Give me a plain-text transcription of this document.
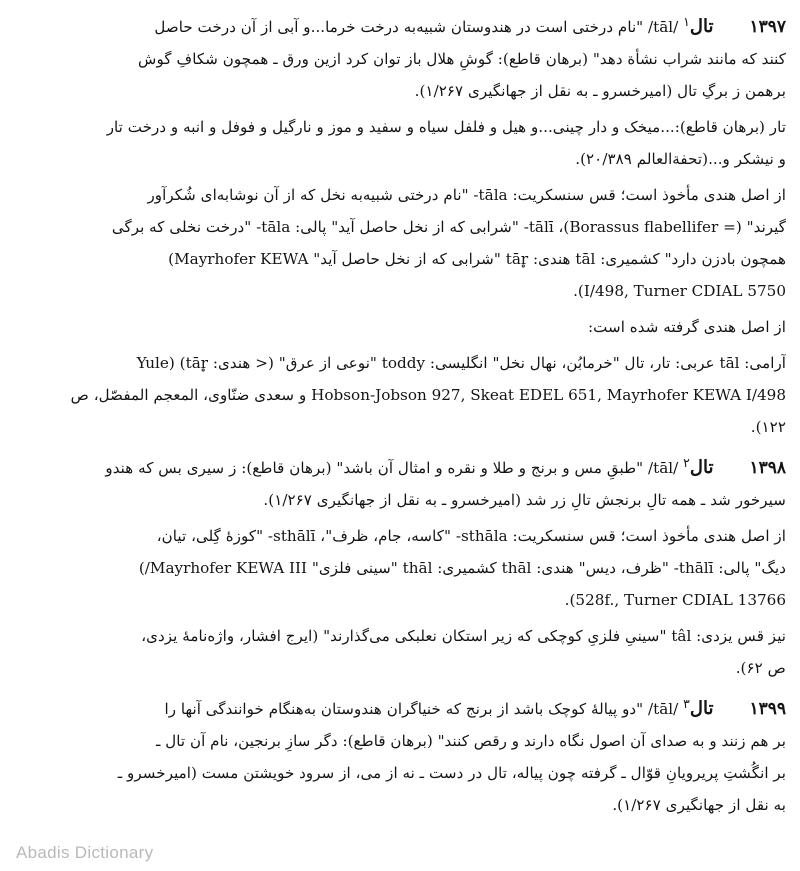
۱۳۹۷تال$^۱$ /tāl/ "نام درختی است در هندوستان شبیه‌به درخت خرما...و آبی از آن درخت حاصل
کنند که مانند شراب نشأة دهد" (برهان قاطع): گوشِ هلال باز توان کرد ازین ورق ـ همچون شکافِ گوش
برهمن ز برگِ تال (امیرخسرو ـ به نقل از جهانگیری ۱/۲۶۷).
تار (برهان قاطع):...میخک و دار چینی...و هیل و فلفل سیاه و سفید و موز و نارگیل و فوفل و انبه و درخت تار
و نیشکر و...(تحفة‌العالم ۲۰/۳۸۹).
از اصل هندی مأخوذ است؛ قس سنسکریت: tāla- "نام درختی شبیه‌به نخل که از آن نوشابه‌ای شُکرآور
گیرند" (= Borassus flabellifer)، tālī- "شرابی که از نخل حاصل آید" پالی: tāla- "درخت نخلی که برگی
همچون بادزن دارد" کشمیری: tāl هندی: tār̥ "شرابی که از نخل حاصل آید" Mayrhofer KEWA)
I/498, Turner CDIAL 5750).
از اصل هندی گرفته شده است:
آرامی: tāl عربی: تار، تال "خرمابُن، نهال نخل" انگلیسی: toddy "نوعی از عرق" (< هندی: tār̥) (Yule
Hobson-Jobson 927, Skeat EDEL 651, Mayrhofer KEWA I/498 و سعدی ضنّاوی، المعجم المفصّل، ص
۱۲۲).
۱۳۹۸تال$^۲$ /tāl/ "طبقِ مس و برنج و طلا و نقره و امثال آن باشد" (برهان قاطع): ز سیری بس که هندو
سیرخور شد ـ همه تالِ برنجش تالِ زر شد (امیرخسرو ـ به نقل از جهانگیری ۱/۲۶۷).
از اصل هندی مأخوذ است؛ قس سنسکریت: sthāla- "کاسه، جام، ظرف"، sthālī- "کوزهٔ گِلی، تیان،
دیگ" پالی: thālī- "ظرف، دیس" هندی: thāl کشمیری: thāl "سینی فلزی" Mayrhofer KEWA III/)
528f., Turner CDIAL 13766).
نیز قس یزدی: tâl "سینیِ فلزیِ کوچکی که زیر استکان نعلبکی می‌گذارند" (ایرج افشار، واژه‌نامهٔ یزدی،
ص ۶۲).
۱۳۹۹تال$^۳$ /tāl/ "دو پیالهٔ کوچک باشد از برنج که خنیاگران هندوستان به‌هنگام خوانندگی آنها را
بر هم زنند و به صدای آن اصول نگاه دارند و رقص کنند" (برهان قاطع): دگر سازِ برنجین، نام آن تال ـ
بر انگُشتِ پریرویانِ قوّال ـ گرفته چون پیاله، تال در دست ـ نه از می، از سرود خویشتن مست (امیرخسرو ـ
به نقل از جهانگیری ۱/۲۶۷).
Abadis Dictionary
